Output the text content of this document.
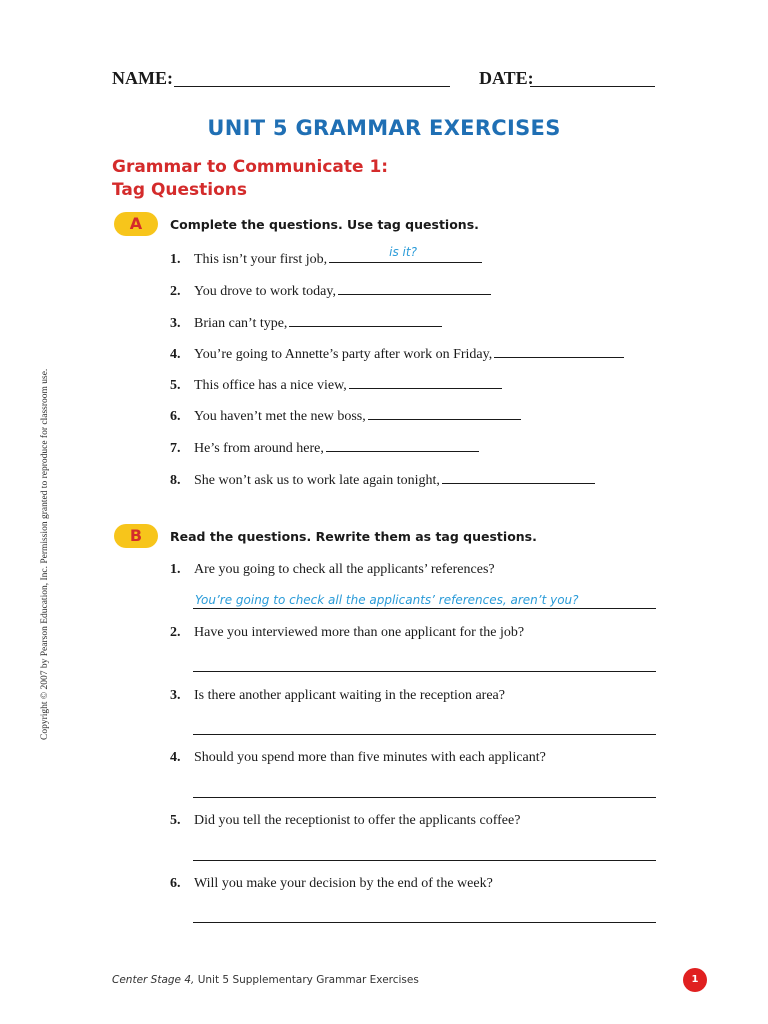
NAME:	DATE:
UNIT 5 GRAMMAR EXERCISES
Grammar to Communicate 1:
Tag Questions
A	Complete the questions. Use tag questions.
1. This isn’t your first job,	is it?
2. You drove to work today,
3. Brian can’t type,
4. You’re going to Annette’s party after work on Friday,
5. This office has a nice view,
6. You haven’t met the new boss,
7. He’s from around here,
8. She won’t ask us to work late again tonight,
B	Read the questions. Rewrite them as tag questions.
1. Are you going to check all the applicants’ references?
You’re going to check all the applicants’ references, aren’t you?
2. Have you interviewed more than one applicant for the job?
3. Is there another applicant waiting in the reception area?
4. Should you spend more than five minutes with each applicant?
5. Did you tell the receptionist to offer the applicants coffee?
6. Will you make your decision by the end of the week?
Copyright © 2007 by Pearson Education, Inc. Permission granted to reproduce for classroom use.
Center Stage 4, Unit 5 Supplementary Grammar Exercises	1
